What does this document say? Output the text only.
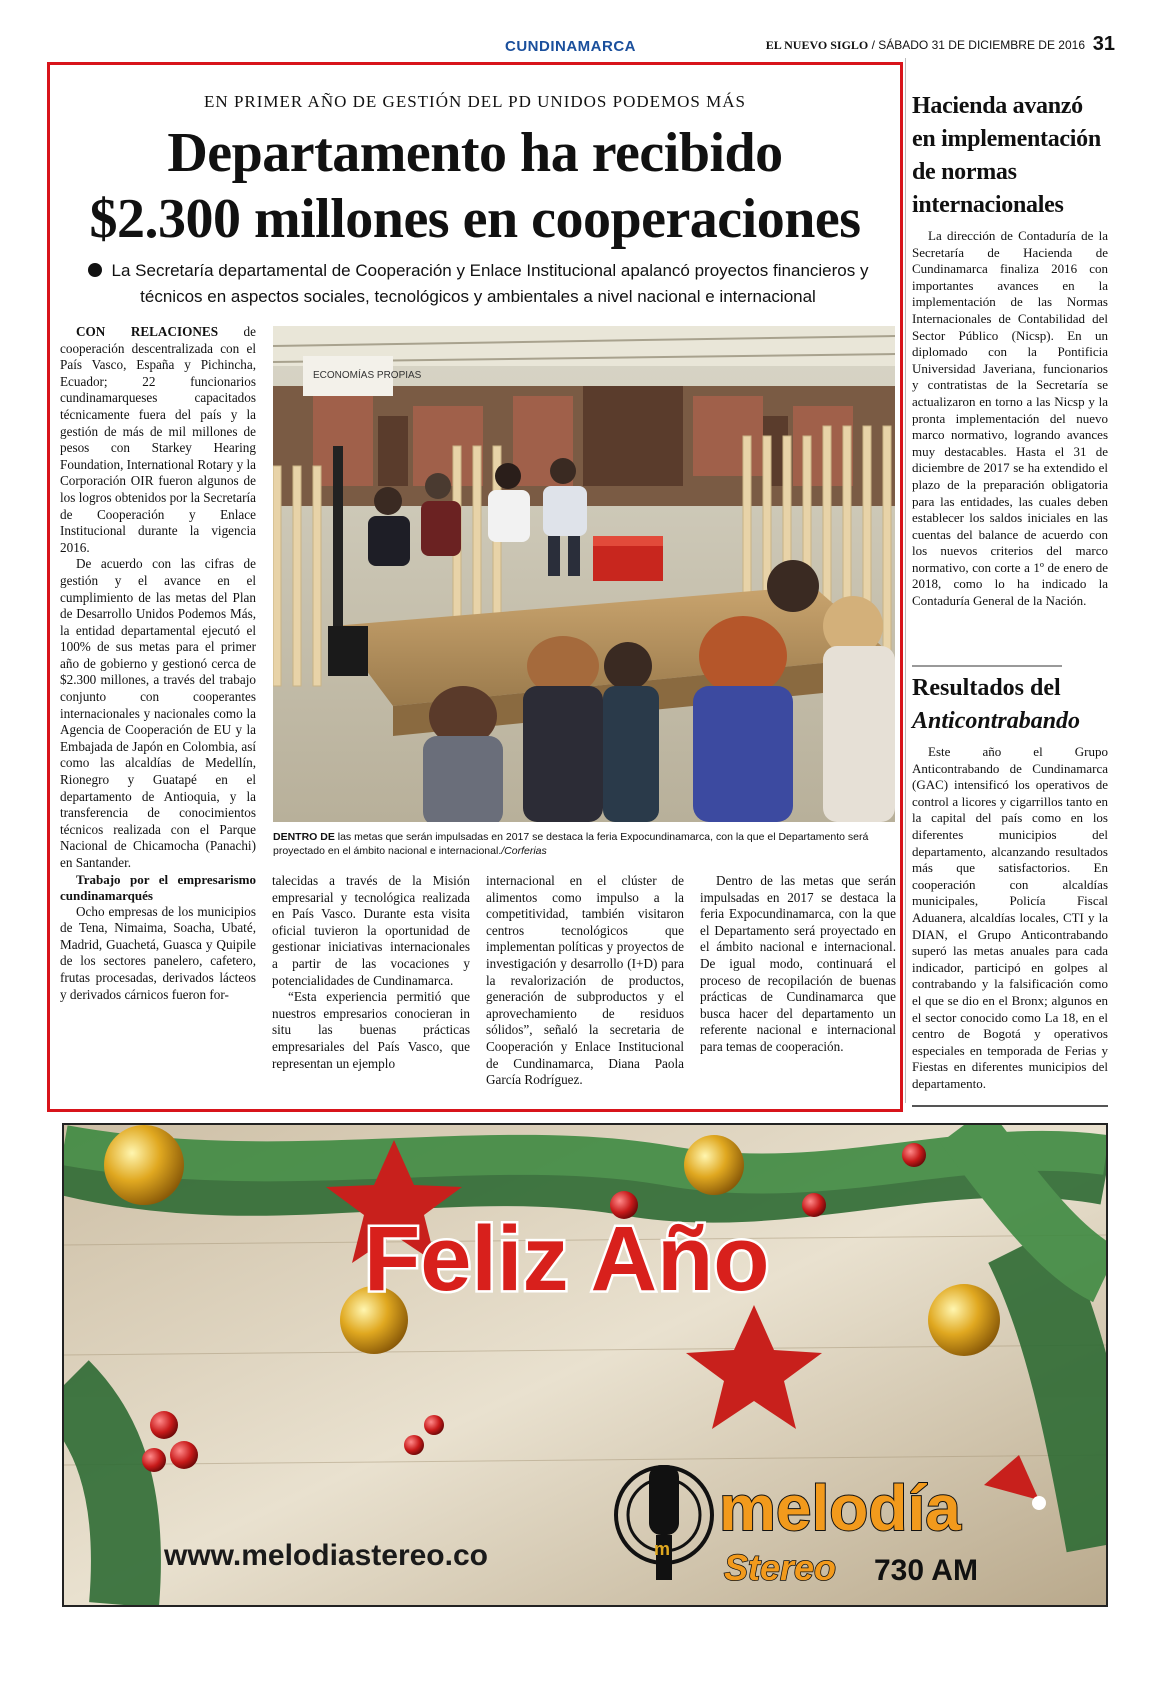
CUNDINAMARCA	EL NUEVO SIGLO / SÁBADO 31 DE DICIEMBRE DE 2016 31
EN PRIMER AÑO DE GESTIÓN DEL PD UNIDOS PODEMOS MÁS
Departamento ha recibido
$2.300 millones en cooperaciones
La Secretaría departamental de Cooperación y Enlace Institucional apalancó proyectos financieros y técnicos en aspectos sociales, tecnológicos y ambientales a nivel nacional e internacional

CON RELACIONES de cooperación descentralizada con el País Vasco, España y Pichincha, Ecuador; 22 funcionarios cundinamarqueses capacitados técnicamente fuera del país y la gestión de más de mil millones de pesos con Starkey Hearing Foundation, International Rotary y la Corporación OIR fueron algunos de los logros obtenidos por la Secretaría de Cooperación y Enlace Institucional durante la vigencia 2016.

De acuerdo con las cifras de gestión y el avance en el cumplimiento de las metas del Plan de Desarrollo Unidos Podemos Más, la entidad departamental ejecutó el 100% de sus metas para el primer año de gobierno y gestionó cerca de $2.300 millones, a través del trabajo conjunto con cooperantes internacionales y nacionales como la Agencia de Cooperación de EU y la Embajada de Japón en Colombia, así como las alcaldías de Medellín, Rionegro y Guatapé en el departamento de Antioquia, y la transferencia de conocimientos técnicos realizada con el Parque Nacional de Chicamocha (Panachi) en Santander.

Trabajo por el empresarismo cundinamarqués

Ocho empresas de los municipios de Tena, Nimaima, Soacha, Ubaté, Madrid, Guachetá, Guasca y Quipile de los sectores panelero, cafetero, frutas procesadas, derivados lácteos y derivados cárnicos fueron for-

ECONOMÍAS PROPIAS
DENTRO DE las metas que serán impulsadas en 2017 se destaca la feria Expocundinamarca, con la que el Departamento será proyectado en el ámbito nacional e internacional./Corferias

talecidas a través de la Misión empresarial y tecnológica realizada en País Vasco. Durante esta visita oficial tuvieron la oportunidad de gestionar iniciativas internacionales a partir de las vocaciones y potencialidades de Cundinamarca.

“Esta experiencia permitió que nuestros empresarios conocieran in situ las buenas prácticas empresariales del País Vasco, que representan un ejemplo

internacional en el clúster de alimentos como impulso a la competitividad, también visitaron centros tecnológicos que implementan políticas y proyectos de investigación y desarrollo (I+D) para la revalorización de productos, generación de subproductos y el aprovechamiento de residuos sólidos”, señaló la secretaria de Cooperación y Enlace Institucional de Cundinamarca, Diana Paola García Rodríguez.

Dentro de las metas que serán impulsadas en 2017 se destaca la feria Expocundinamarca, con la que el Departamento será proyectado en el ámbito nacional e internacional. De igual modo, continuará el proceso de recopilación de buenas prácticas de Cundinamarca que busca hacer del departamento un referente nacional e internacional para temas de cooperación.

Hacienda avanzó en implementación de normas internacionales

La dirección de Contaduría de la Secretaría de Hacienda de Cundinamarca finaliza 2016 con importantes avances en la implementación de las Normas Internacionales de Contabilidad del Sector Público (Nicsp). En un diplomado con la Pontificia Universidad Javeriana, funcionarios y contratistas de la Secretaría se actualizaron en torno a las Nicsp y la pronta implementación del nuevo marco normativo, logrando avances muy destacables. Hasta el 31 de diciembre de 2017 se ha extendido el plazo de la preparación obligatoria para las entidades, las cuales deben establecer los saldos iniciales en las cuentas del balance de acuerdo con los nuevos criterios del marco normativo, con corte a 1º de enero de 2018, como lo ha indicado la Contaduría General de la Nación.

Resultados del
Anticontrabando

Este año el Grupo Anticontrabando de Cundinamarca (GAC) intensificó los operativos de control a licores y cigarrillos tanto en la capital del país como en los diferentes municipios del departamento, alcanzando resultados más que satisfactorios. En cooperación con alcaldías municipales, Policía Fiscal Aduanera, alcaldías locales, CTI y la DIAN, el Grupo Anticontrabando superó las metas anuales para cada indicador, participó en golpes al contrabando y la falsificación como el que se dio en el Bronx; algunos en el sector conocido como La 18, en el centro de Bogotá y operativos especiales en temporada de Ferias y Fiestas en diferentes municipios del departamento.

Feliz Año
www.melodiastereo.co	m
melodía
Stereo 730 AM
